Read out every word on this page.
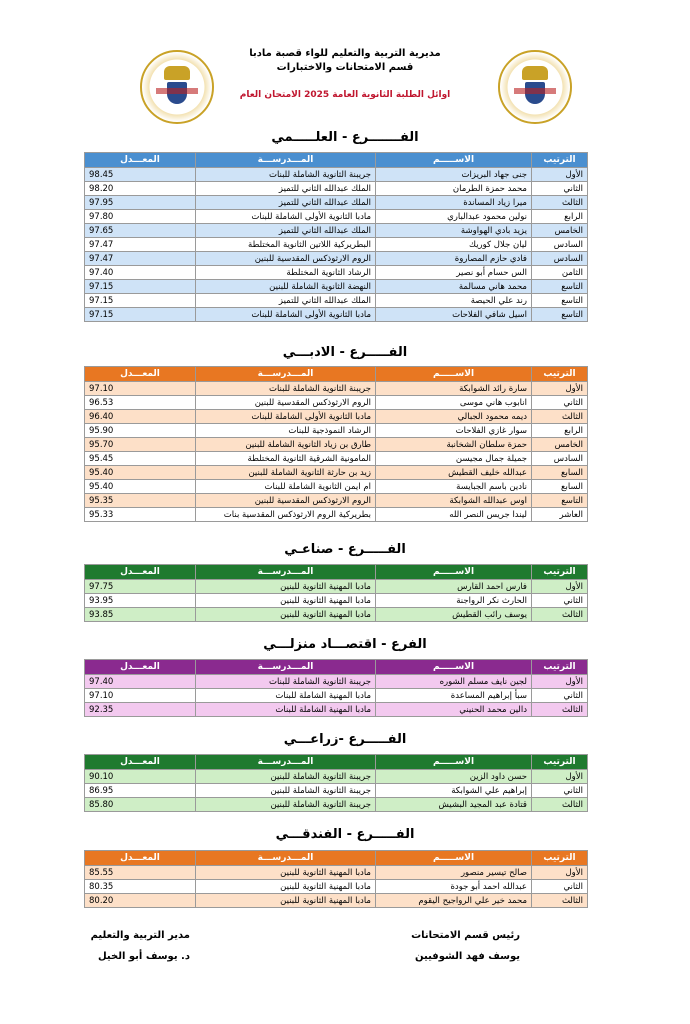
مديرية التربية والتعليم للواء قصبة مادبا
قسم الامتحانات والاختبارات
اوائل الطلبة الثانوية العامة 2025 الامتحان العام
الفـــــــرع - العلـــــمي
الترتيب	الاســـــم	المـــدرســـة	المعـــدل
الأول	جنى جهاد البريزات	جريبنة الثانوية الشاملة للبنات	98.45
الثاني	محمد حمزة الطرمان	الملك عبدالله الثاني للتميز	98.20
الثالث	ميرا زياد المساندة	الملك عبدالله الثاني للتميز	97.95
الرابع	نولين محمود عبدالباري	مادبا الثانوية الأولى الشاملة للبنات	97.80
الخامس	يزيد بادي الهواوشة	الملك عبدالله الثاني للتميز	97.65
السادس	ليان جلال كوريك	البطريركية اللاتين الثانوية المختلطة	97.47
السادس	فادي حازم المصاروة	الروم الارثوذكس المقدسية للبنين	97.47
الثامن	الس حسام أبو نصير	الرشاد الثانوية المختلطة	97.40
التاسع	محمد هاني مسالمة	النهضة الثانوية الشاملة للبنين	97.15
التاسع	رند علي الحيصة	الملك عبدالله الثاني للتميز	97.15
التاسع	اسيل شافي الفلاحات	مادبا الثانوية الأولى الشاملة للبنات	97.15
الفـــــرع - الادبـــي
الترتيب	الاســـــم	المـــدرســـة	المعـــدل
الأول	سارة رائد الشوابكة	جريبنة الثانوية الشاملة للبنات	97.10
الثاني	انابوب هاني موسى	الروم الارثوذكس المقدسية للبنين	96.53
الثالث	ديمه محمود الجبالي	مادبا الثانوية الأولى الشاملة للبنات	96.40
الرابع	سوار غازي الفلاحات	الرشاد النموذجية للبنات	95.90
الخامس	حمزة سلطان الشخانبة	طارق بن زياد الثانوية الشاملة للبنين	95.70
السادس	جميلة جمال مجيسن	المامونية الشرقية الثانوية المختلطة	95.45
السابع	عبدالله خليف القطيش	زيد بن حارثة الثانوية الشاملة للبنين	95.40
السابع	نادين باسم الجبايسة	ام ايمن الثانوية الشاملة للبنات	95.40
التاسع	اوس عبدالله الشوابكة	الروم الارثوذكس المقدسية للبنين	95.35
العاشر	ليندا جريس النصر الله	بطريركية الروم الارثوذكس المقدسية بنات	95.33
الفـــــرع - صناعـي
الترتيب	الاســـــم	المـــدرســـة	المعـــدل
الأول	فارس احمد القارس	مادبا المهنية الثانوية للبنين	97.75
الثاني	الحارث نكر الرواجنة	مادبا المهنية الثانوية للبنين	93.95
الثالث	يوسف رائب القطيش	مادبا المهنية الثانوية للبنين	93.85
الفرع - اقتصـــاد منزلـــي
الترتيب	الاســـــم	المـــدرســـة	المعـــدل
الأول	لجين نايف مسلم الشوره	جريبنة الثانوية الشاملة للبنات	97.40
الثاني	سبأ إبراهيم المساعدة	مادبا المهنية الشاملة للبنات	97.10
الثالث	دالين محمد الحنيني	مادبا المهنية الشاملة للبنات	92.35
الفـــــرع -زراعـــي
الترتيب	الاســـــم	المـــدرســـة	المعـــدل
الأول	حسن داود الزين	جريبنة الثانوية الشاملة للبنين	90.10
الثاني	إبراهيم علي الشوابكة	جريبنة الثانوية الشاملة للبنين	86.95
الثالث	قتادة عبد المجيد البشيش	جريبنة الثانوية الشاملة للبنين	85.80
الفـــــرع - الفندقـــي
الترتيب	الاســـــم	المـــدرســـة	المعـــدل
الأول	صالح تيسير منصور	مادبا المهنية الثانوية للبنين	85.55
الثاني	عبدالله احمد أبو جودة	مادبا المهنية الثانوية للبنين	80.35
الثالث	محمد خير علي الرواجيح اليقوم	مادبا المهنية الثانوية للبنين	80.20
رئيس قسم الامتحانات
يوسف فهد الشوفيين
مدير التربية والتعليم
د. يوسف أبو الخيل
